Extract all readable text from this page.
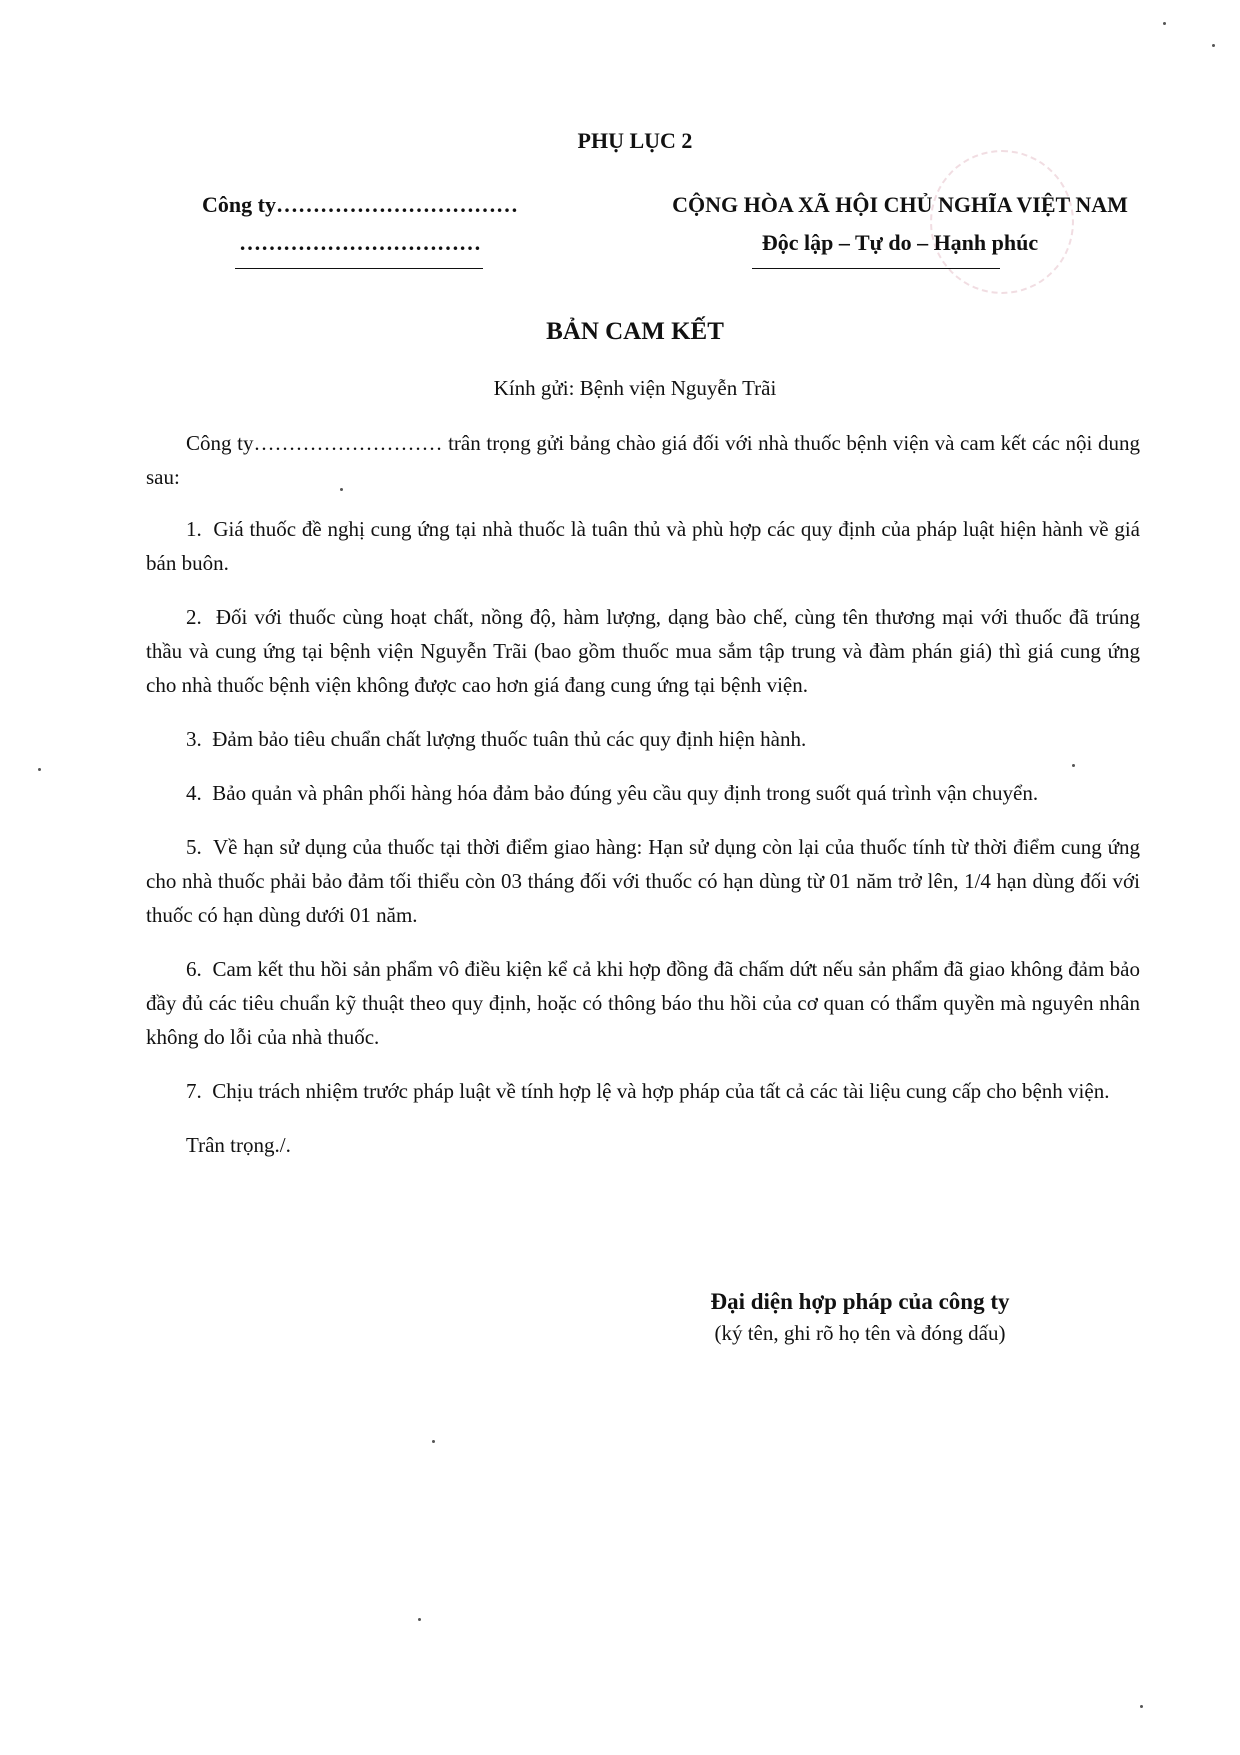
PHỤ LỤC 2
Công ty……………………………
……………………………
CỘNG HÒA XÃ HỘI CHỦ NGHĨA VIỆT NAM
Độc lập – Tự do – Hạnh phúc
BẢN CAM KẾT
Kính gửi: Bệnh viện Nguyễn Trãi

Công ty……………………… trân trọng gửi bảng chào giá đối với nhà thuốc bệnh viện và cam kết các nội dung sau:

1. Giá thuốc đề nghị cung ứng tại nhà thuốc là tuân thủ và phù hợp các quy định của pháp luật hiện hành về giá bán buôn.

2. Đối với thuốc cùng hoạt chất, nồng độ, hàm lượng, dạng bào chế, cùng tên thương mại với thuốc đã trúng thầu và cung ứng tại bệnh viện Nguyễn Trãi (bao gồm thuốc mua sắm tập trung và đàm phán giá) thì giá cung ứng cho nhà thuốc bệnh viện không được cao hơn giá đang cung ứng tại bệnh viện.

3. Đảm bảo tiêu chuẩn chất lượng thuốc tuân thủ các quy định hiện hành.

4. Bảo quản và phân phối hàng hóa đảm bảo đúng yêu cầu quy định trong suốt quá trình vận chuyển.

5. Về hạn sử dụng của thuốc tại thời điểm giao hàng: Hạn sử dụng còn lại của thuốc tính từ thời điểm cung ứng cho nhà thuốc phải bảo đảm tối thiểu còn 03 tháng đối với thuốc có hạn dùng từ 01 năm trở lên, 1/4 hạn dùng đối với thuốc có hạn dùng dưới 01 năm.

6. Cam kết thu hồi sản phẩm vô điều kiện kể cả khi hợp đồng đã chấm dứt nếu sản phẩm đã giao không đảm bảo đầy đủ các tiêu chuẩn kỹ thuật theo quy định, hoặc có thông báo thu hồi của cơ quan có thẩm quyền mà nguyên nhân không do lỗi của nhà thuốc.

7. Chịu trách nhiệm trước pháp luật về tính hợp lệ và hợp pháp của tất cả các tài liệu cung cấp cho bệnh viện.

Trân trọng./.

Đại diện hợp pháp của công ty
(ký tên, ghi rõ họ tên và đóng dấu)
